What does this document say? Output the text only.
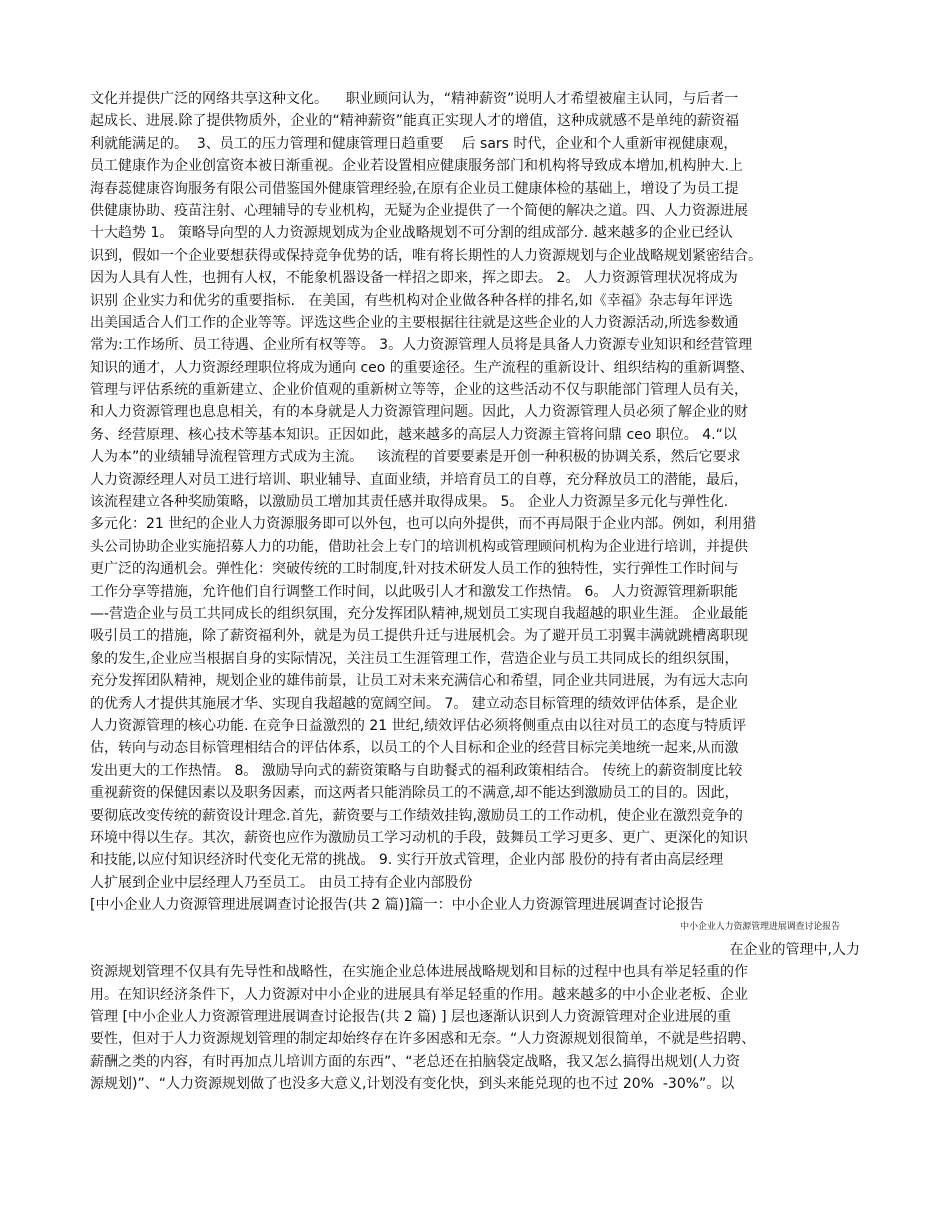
文化并提供广泛的网络共享这种文化。    职业顾问认为，“精神薪资”说明人才希望被雇主认同，与后者一
起成长、进展.除了提供物质外，企业的“精神薪资”能真正实现人才的增值，这种成就感不是单纯的薪资福
利就能满足的。  3、员工的压力管理和健康管理日趋重要    后 sars 时代，企业和个人重新审视健康观，
员工健康作为企业创富资本被日渐重视。企业若设置相应健康服务部门和机构将导致成本增加,机构肿大.上
海春蕊健康咨询服务有限公司借鉴国外健康管理经验,在原有企业员工健康体检的基础上，增设了为员工提
供健康协助、疫苗注射、心理辅导的专业机构，无疑为企业提供了一个简便的解决之道。四、人力资源进展
十大趋势 1。 策略导向型的人力资源规划成为企业战略规划不可分割的组成部分. 越来越多的企业已经认
识到，假如一个企业要想获得或保持竞争优势的话，唯有将长期性的人力资源规划与企业战略规划紧密结合。
因为人具有人性，也拥有人权，不能象机器设备一样招之即来，挥之即去。 2。 人力资源管理状况将成为
识别 企业实力和优劣的重要指标.   在美国，有些机构对企业做各种各样的排名,如《幸福》杂志每年评选
出美国适合人们工作的企业等等。评选这些企业的主要根据往往就是这些企业的人力资源活动,所选参数通
常为:工作场所、员工待遇、企业所有权等等。 3。人力资源管理人员将是具备人力资源专业知识和经营管理
知识的通才，人力资源经理职位将成为通向 ceo 的重要途径。生产流程的重新设计、组织结构的重新调整、
管理与评估系统的重新建立、企业价值观的重新树立等等，企业的这些活动不仅与职能部门管理人员有关，
和人力资源管理也息息相关，有的本身就是人力资源管理问题。因此，人力资源管理人员必须了解企业的财
务、经营原理、核心技术等基本知识。正因如此，越来越多的高层人力资源主管将问鼎 ceo 职位。 4.“以
人为本”的业绩辅导流程管理方式成为主流。   该流程的首要要素是开创一种积极的协调关系，然后它要求
人力资源经理人对员工进行培训、职业辅导、直面业绩，并培育员工的自尊，充分释放员工的潜能，最后，
该流程建立各种奖励策略，以激励员工增加其责任感并取得成果。 5。 企业人力资源呈多元化与弹性化.
多元化：21 世纪的企业人力资源服务即可以外包，也可以向外提供，而不再局限于企业内部。例如，利用猎
头公司协助企业实施招募人力的功能，借助社会上专门的培训机构或管理顾问机构为企业进行培训，并提供
更广泛的沟通机会。弹性化：突破传统的工时制度,针对技术研发人员工作的独特性，实行弹性工作时间与
工作分享等措施，允许他们自行调整工作时间，以此吸引人才和激发工作热情。 6。 人力资源管理新职能
—-营造企业与员工共同成长的组织氛围，充分发挥团队精神,规划员工实现自我超越的职业生涯。 企业最能
吸引员工的措施，除了薪资福利外，就是为员工提供升迁与进展机会。为了避开员工羽翼丰满就跳槽离职现
象的发生,企业应当根据自身的实际情况，关注员工生涯管理工作，营造企业与员工共同成长的组织氛围，
充分发挥团队精神，规划企业的雄伟前景，让员工对未来充满信心和希望，同企业共同进展，为有远大志向
的优秀人才提供其施展才华、实现自我超越的宽阔空间。 7。 建立动态目标管理的绩效评估体系，是企业
人力资源管理的核心功能. 在竞争日益激烈的 21 世纪,绩效评估必须将侧重点由以往对员工的态度与特质评
估，转向与动态目标管理相结合的评估体系，以员工的个人目标和企业的经营目标完美地统一起来,从而激
发出更大的工作热情。 8。 激励导向式的薪资策略与自助餐式的福利政策相结合。 传统上的薪资制度比较
重视薪资的保健因素以及职务因素，而这两者只能消除员工的不满意,却不能达到激励员工的目的。因此，
要彻底改变传统的薪资设计理念.首先，薪资要与工作绩效挂钩,激励员工的工作动机，使企业在激烈竞争的
环境中得以生存。其次，薪资也应作为激励员工学习动机的手段，鼓舞员工学习更多、更广、更深化的知识
和技能,以应付知识经济时代变化无常的挑战。 9. 实行开放式管理，企业内部 股份的持有者由高层经理
人扩展到企业中层经理人乃至员工。 由员工持有企业内部股份
[中小企业人力资源管理进展调查讨论报告(共 2 篇)]篇一：中小企业人力资源管理进展调查讨论报告
中小企业人力资源管理进展调查讨论报告
在企业的管理中,人力
资源规划管理不仅具有先导性和战略性，在实施企业总体进展战略规划和目标的过程中也具有举足轻重的作
用。在知识经济条件下，人力资源对中小企业的进展具有举足轻重的作用。越来越多的中小企业老板、企业
管理 [中小企业人力资源管理进展调查讨论报告(共 2 篇) ] 层也逐渐认识到人力资源管理对企业进展的重
要性，但对于人力资源规划管理的制定却始终存在许多困惑和无奈。“人力资源规划很简单，不就是些招聘、
薪酬之类的内容，有时再加点儿培训方面的东西”、“老总还在拍脑袋定战略，我又怎么搞得出规划(人力资
源规划)”、“人力资源规划做了也没多大意义,计划没有变化快，到头来能兑现的也不过 20%  -30%”。以
